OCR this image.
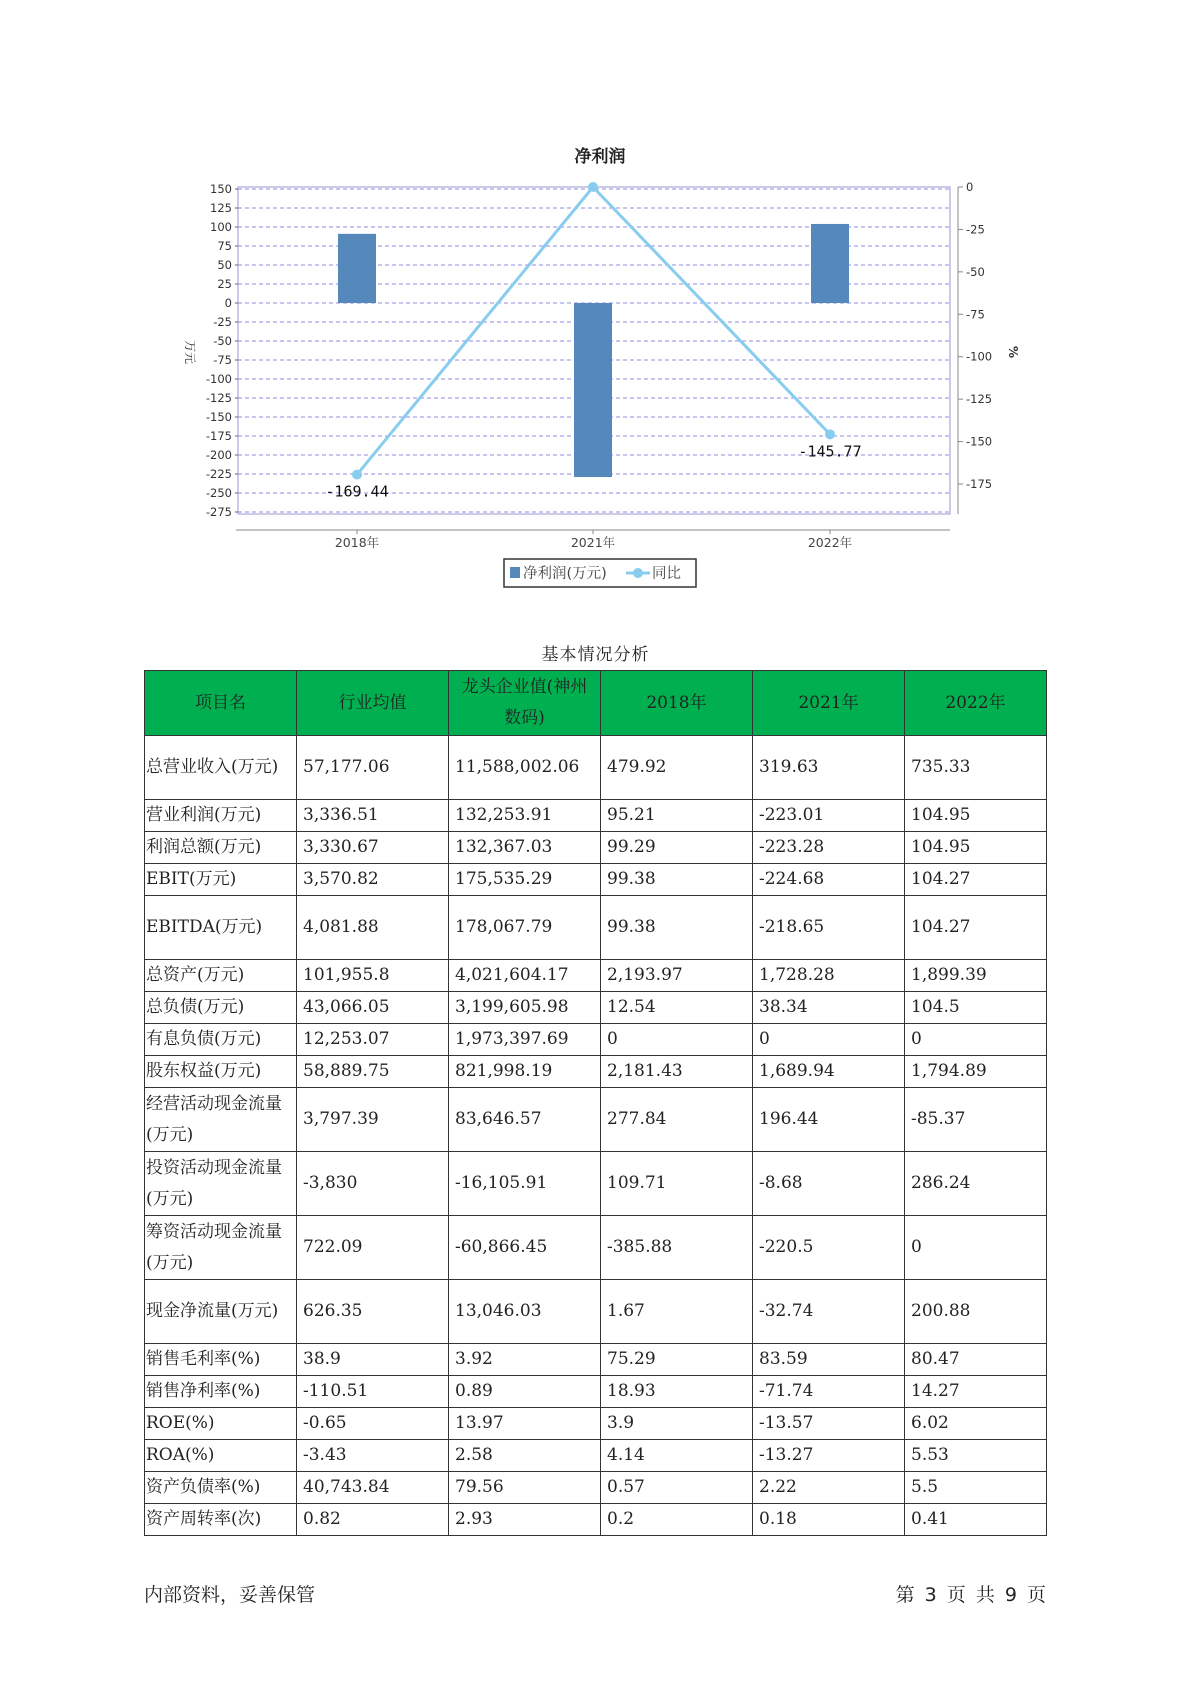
净利润
150
125
100
75
50
25
0
-25
-50
-75
-100
-125
-150
-175
-200
-225
-250
-275
0
-25
-50
-75
-100
-125
-150
-175
-169.44
-145.77
2018年	2021年	2022年
万元	%
净利润(万元)	同比
基本情况分析
项目名	行业均值	龙头企业值(神州数码)	2018年	2021年	2022年
总营业收入(万元)	57,177.06	11,588,002.06	479.92	319.63	735.33
营业利润(万元)	3,336.51	132,253.91	95.21	-223.01	104.95
利润总额(万元)	3,330.67	132,367.03	99.29	-223.28	104.95
EBIT(万元)	3,570.82	175,535.29	99.38	-224.68	104.27
EBITDA(万元)	4,081.88	178,067.79	99.38	-218.65	104.27
总资产(万元)	101,955.8	4,021,604.17	2,193.97	1,728.28	1,899.39
总负债(万元)	43,066.05	3,199,605.98	12.54	38.34	104.5
有息负债(万元)	12,253.07	1,973,397.69	0	0	0
股东权益(万元)	58,889.75	821,998.19	2,181.43	1,689.94	1,794.89
经营活动现金流量(万元)	3,797.39	83,646.57	277.84	196.44	-85.37
投资活动现金流量(万元)	-3,830	-16,105.91	109.71	-8.68	286.24
筹资活动现金流量(万元)	722.09	-60,866.45	-385.88	-220.5	0
现金净流量(万元)	626.35	13,046.03	1.67	-32.74	200.88
销售毛利率(%)	38.9	3.92	75.29	83.59	80.47
销售净利率(%)	-110.51	0.89	18.93	-71.74	14.27
ROE(%)	-0.65	13.97	3.9	-13.57	6.02
ROA(%)	-3.43	2.58	4.14	-13.27	5.53
资产负债率(%)	40,743.84	79.56	0.57	2.22	5.5
资产周转率(次)	0.82	2.93	0.2	0.18	0.41
内部资料，妥善保管	第 3 页 共 9 页
